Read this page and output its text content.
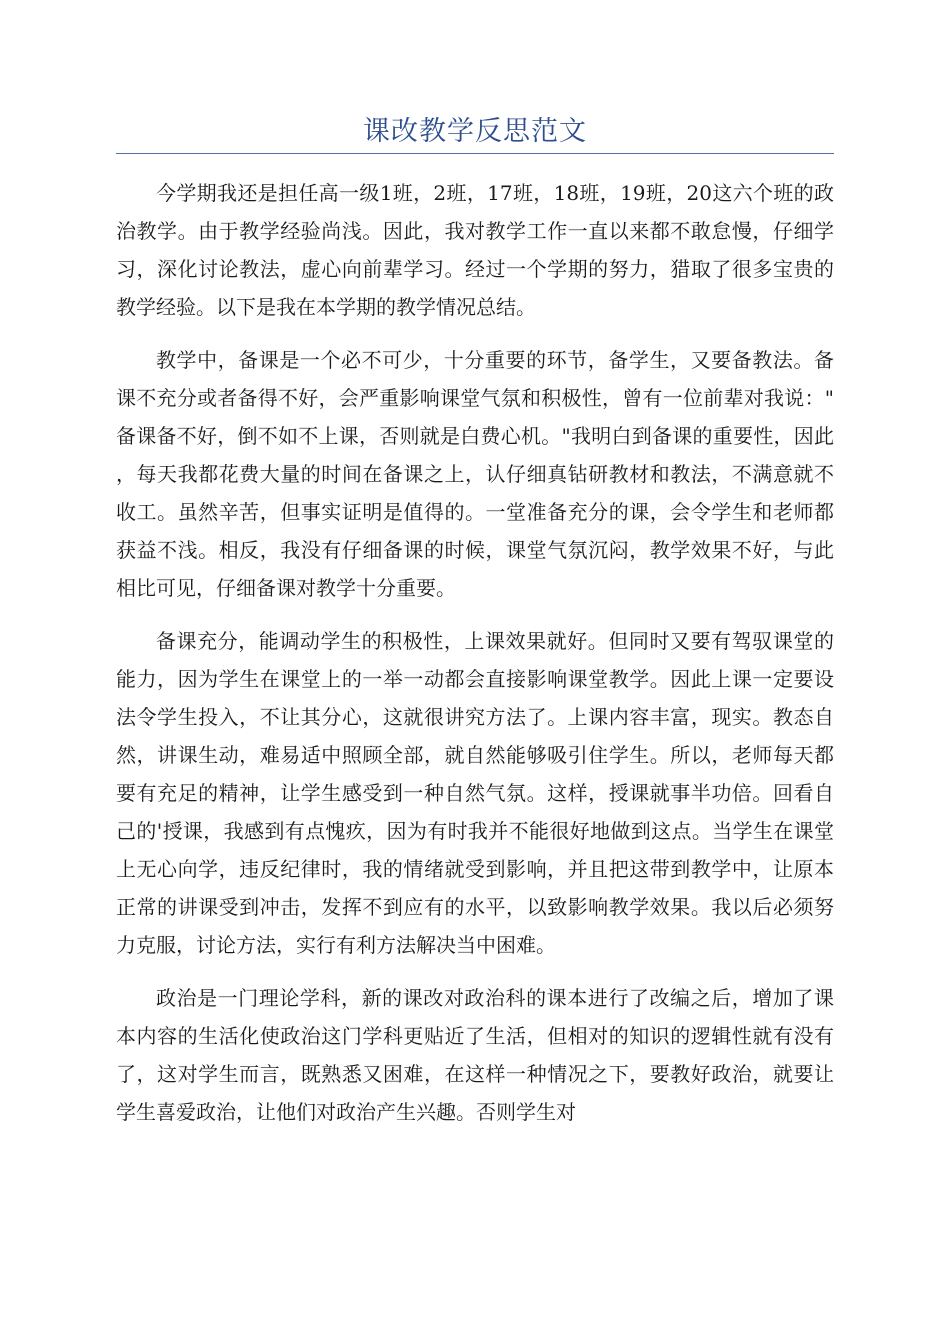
课改教学反思范文

今学期我还是担任高一级1班，2班，17班，18班，19班，20这六个班的政治教学。由于教学经验尚浅。因此，我对教学工作一直以来都不敢怠慢，仔细学习，深化讨论教法，虚心向前辈学习。经过一个学期的努力，猎取了很多宝贵的教学经验。以下是我在本学期的教学情况总结。

教学中，备课是一个必不可少，十分重要的环节，备学生，又要备教法。备课不充分或者备得不好，会严重影响课堂气氛和积极性，曾有一位前辈对我说："备课备不好，倒不如不上课，否则就是白费心机。"我明白到备课的重要性，因此，每天我都花费大量的时间在备课之上，认仔细真钻研教材和教法，不满意就不收工。虽然辛苦，但事实证明是值得的。一堂准备充分的课，会令学生和老师都获益不浅。相反，我没有仔细备课的时候，课堂气氛沉闷，教学效果不好，与此相比可见，仔细备课对教学十分重要。

备课充分，能调动学生的积极性，上课效果就好。但同时又要有驾驭课堂的能力，因为学生在课堂上的一举一动都会直接影响课堂教学。因此上课一定要设法令学生投入，不让其分心，这就很讲究方法了。上课内容丰富，现实。教态自然，讲课生动，难易适中照顾全部，就自然能够吸引住学生。所以，老师每天都要有充足的精神，让学生感受到一种自然气氛。这样，授课就事半功倍。回看自己的'授课，我感到有点愧疚，因为有时我并不能很好地做到这点。当学生在课堂上无心向学，违反纪律时，我的情绪就受到影响，并且把这带到教学中，让原本正常的讲课受到冲击，发挥不到应有的水平，以致影响教学效果。我以后必须努力克服，讨论方法，实行有利方法解决当中困难。

政治是一门理论学科，新的课改对政治科的课本进行了改编之后，增加了课本内容的生活化使政治这门学科更贴近了生活，但相对的知识的逻辑性就有没有了，这对学生而言，既熟悉又困难，在这样一种情况之下，要教好政治，就要让学生喜爱政治，让他们对政治产生兴趣。否则学生对
